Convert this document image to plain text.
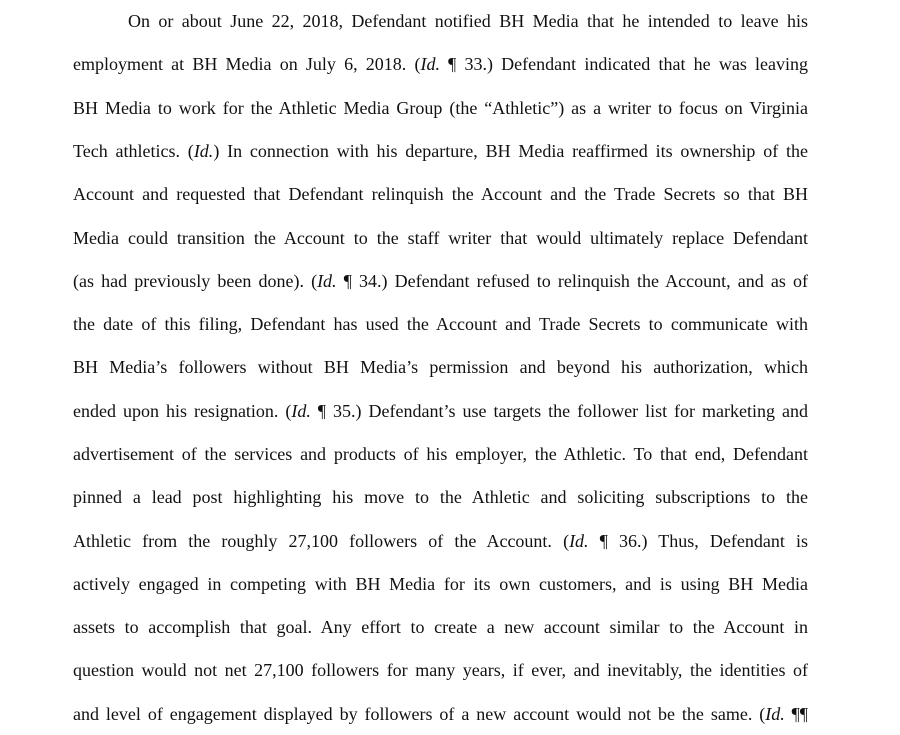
On or about June 22, 2018, Defendant notified BH Media that he intended to leave his
employment at BH Media on July 6, 2018. (Id. ¶ 33.) Defendant indicated that he was leaving
BH Media to work for the Athletic Media Group (the “Athletic”) as a writer to focus on Virginia
Tech athletics. (Id.) In connection with his departure, BH Media reaffirmed its ownership of the
Account and requested that Defendant relinquish the Account and the Trade Secrets so that BH
Media could transition the Account to the staff writer that would ultimately replace Defendant
(as had previously been done). (Id. ¶ 34.) Defendant refused to relinquish the Account, and as of
the date of this filing, Defendant has used the Account and Trade Secrets to communicate with
BH Media’s followers without BH Media’s permission and beyond his authorization, which
ended upon his resignation. (Id. ¶ 35.) Defendant’s use targets the follower list for marketing and
advertisement of the services and products of his employer, the Athletic. To that end, Defendant
pinned a lead post highlighting his move to the Athletic and soliciting subscriptions to the
Athletic from the roughly 27,100 followers of the Account. (Id. ¶ 36.) Thus, Defendant is
actively engaged in competing with BH Media for its own customers, and is using BH Media
assets to accomplish that goal. Any effort to create a new account similar to the Account in
question would not net 27,100 followers for many years, if ever, and inevitably, the identities of
and level of engagement displayed by followers of a new account would not be the same. (Id. ¶¶
